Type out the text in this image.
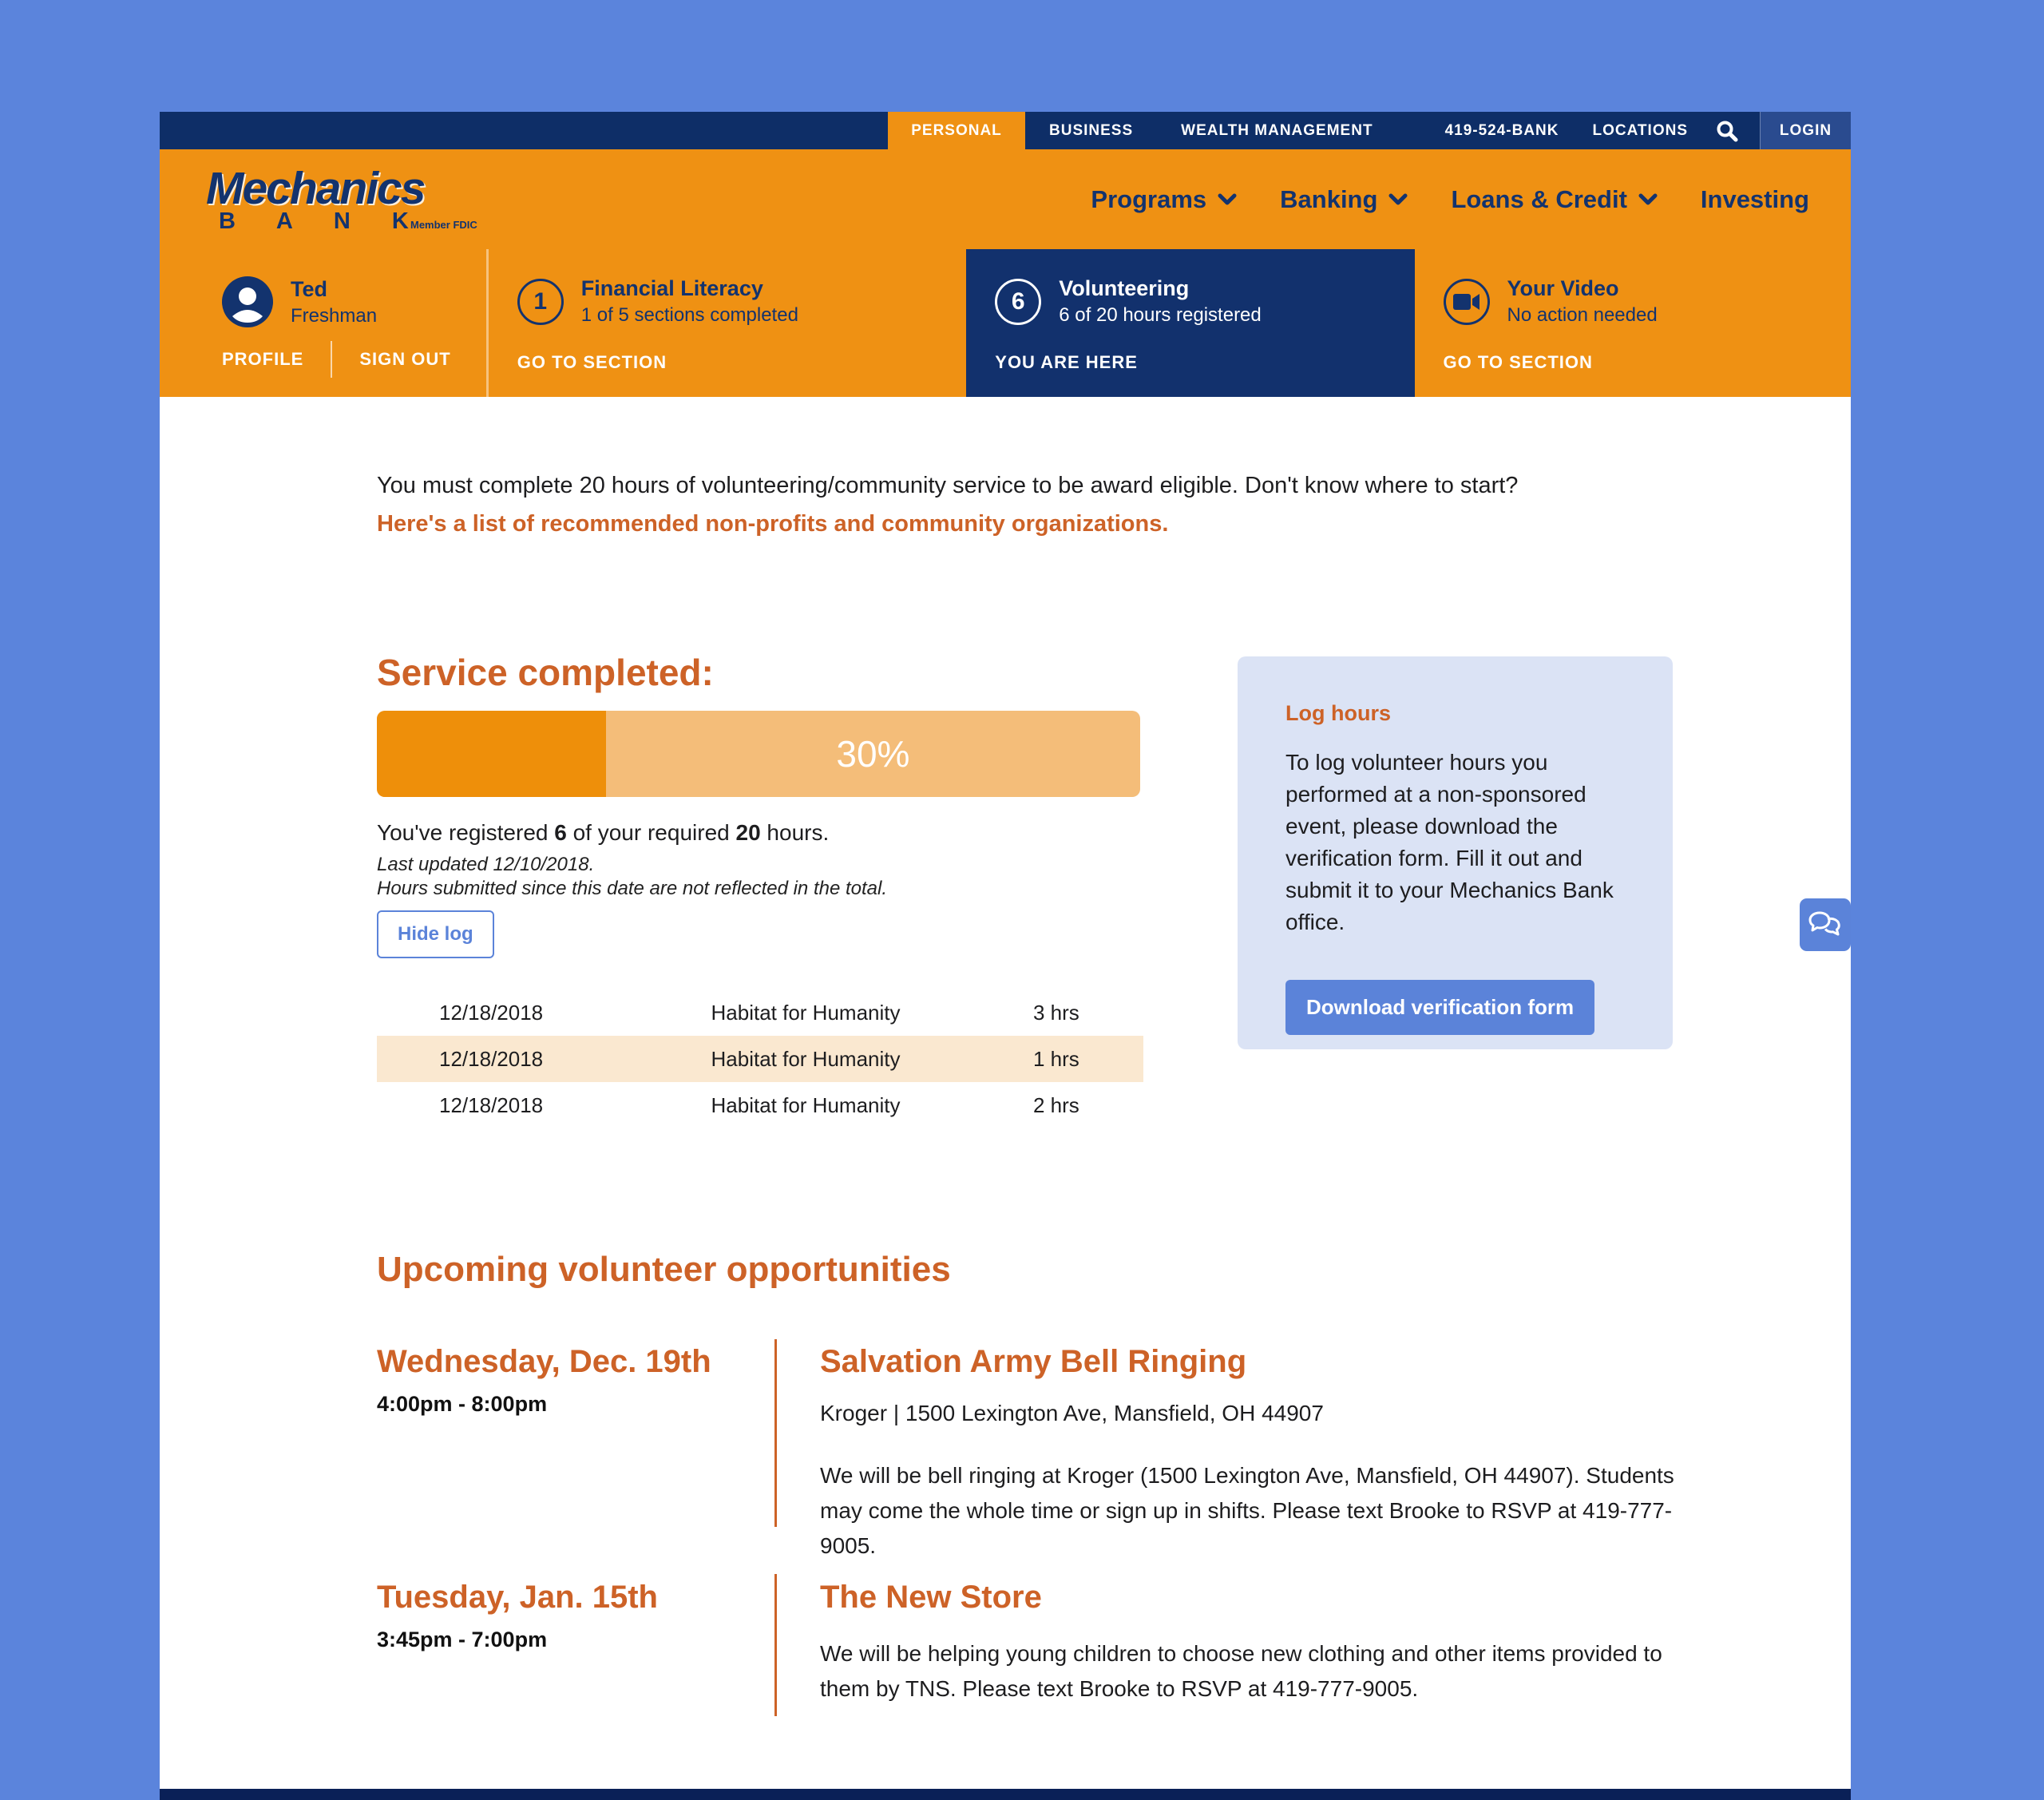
PERSONAL	BUSINESS	WEALTH MANAGEMENT	419-524-BANK LOCATIONS	LOGIN
Mechanics
B A N K
Member FDIC
Programs	Banking	Loans & Credit	Investing
Ted
Freshman
PROFILE	SIGN OUT
1	Financial Literacy
1 of 5 sections completed
GO TO SECTION
6	Volunteering
6 of 20 hours registered
YOU ARE HERE
Your Video
No action needed
GO TO SECTION
You must complete 20 hours of volunteering/community service to be award eligible. Don't know where to start?
Here's a list of recommended non-profits and community organizations.
Service completed:
30%
You've registered 6 of your required 20 hours.
Last updated 12/10/2018.
Hours submitted since this date are not reflected in the total.
Hide log
12/18/2018	Habitat for Humanity	3 hrs
12/18/2018	Habitat for Humanity	1 hrs
12/18/2018	Habitat for Humanity	2 hrs
Log hours
To log volunteer hours you performed at a non-sponsored event, please download the verification form. Fill it out and submit it to your Mechanics Bank office.
Download verification form
Upcoming volunteer opportunities
Wednesday, Dec. 19th
4:00pm - 8:00pm
Salvation Army Bell Ringing
Kroger | 1500 Lexington Ave, Mansfield, OH 44907
We will be bell ringing at Kroger (1500 Lexington Ave, Mansfield, OH 44907). Students may come the whole time or sign up in shifts. Please text Brooke to RSVP at 419-777-9005.
Tuesday, Jan. 15th
3:45pm - 7:00pm
The New Store
We will be helping young children to choose new clothing and other items provided to them by TNS. Please text Brooke to RSVP at 419-777-9005.
